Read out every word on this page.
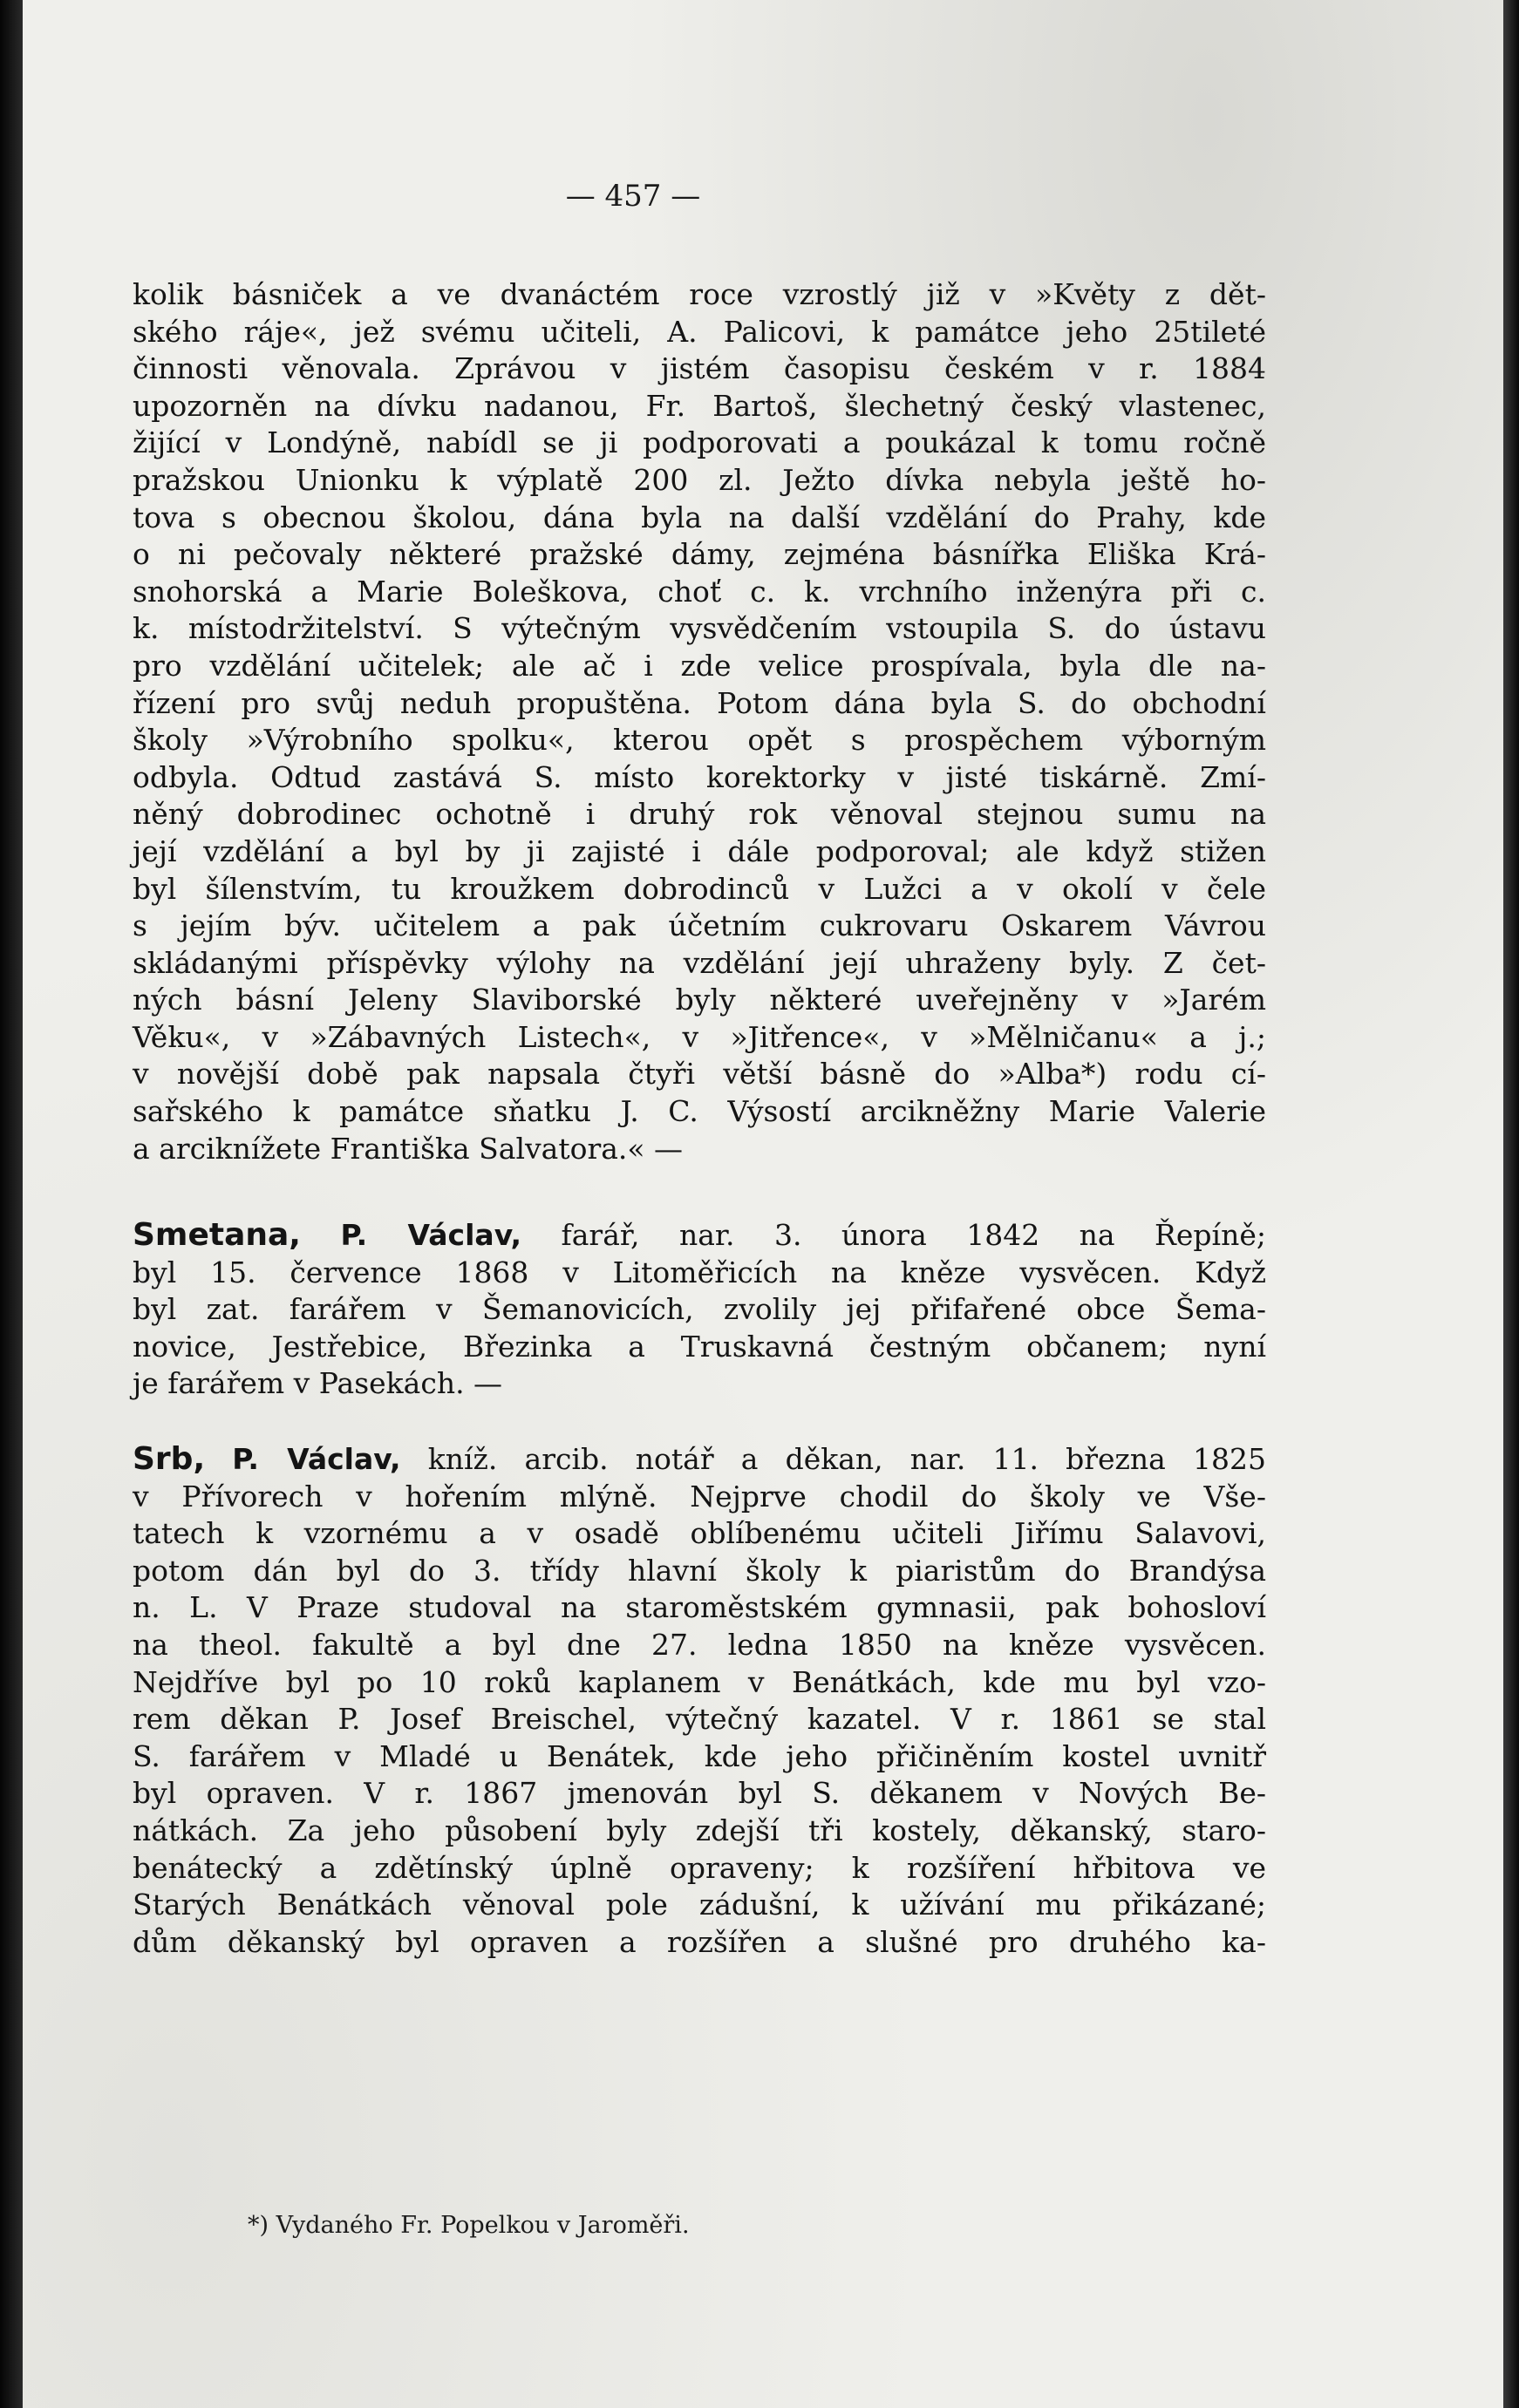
— 457 —
kolik básniček a ve dvanáctém roce vzrostlý již v »Květy z dět-
ského ráje«, jež svému učiteli, A. Palicovi, k památce jeho 25tileté
činnosti věnovala. Zprávou v jistém časopisu českém v r. 1884
upozorněn na dívku nadanou, Fr. Bartoš, šlechetný český vlastenec,
žijící v Londýně, nabídl se ji podporovati a poukázal k tomu ročně
pražskou Unionku k výplatě 200 zl. Ježto dívka nebyla ještě ho-
tova s obecnou školou, dána byla na další vzdělání do Prahy, kde
o ni pečovaly některé pražské dámy, zejména básnířka Eliška Krá-
snohorská a Marie Boleškova, choť c. k. vrchního inženýra při c.
k. místodržitelství. S výtečným vysvědčením vstoupila S. do ústavu
pro vzdělání učitelek; ale ač i zde velice prospívala, byla dle na-
řízení pro svůj neduh propuštěna. Potom dána byla S. do obchodní
školy »Výrobního spolku«, kterou opět s prospěchem výborným
odbyla. Odtud zastává S. místo korektorky v jisté tiskárně. Zmí-
něný dobrodinec ochotně i druhý rok věnoval stejnou sumu na
její vzdělání a byl by ji zajisté i dále podporoval; ale když stižen
byl šílenstvím, tu kroužkem dobrodinců v Lužci a v okolí v čele
s jejím býv. učitelem a pak účetním cukrovaru Oskarem Vávrou
skládanými příspěvky výlohy na vzdělání její uhraženy byly. Z čet-
ných básní Jeleny Slaviborské byly některé uveřejněny v »Jarém
Věku«, v »Zábavných Listech«, v »Jitřence«, v »Mělničanu« a j.;
v novější době pak napsala čtyři větší básně do »Alba*) rodu cí-
sařského k památce sňatku J. C. Výsostí arcikněžny Marie Valerie
a arciknížete Františka Salvatora.« —
Smetana, P. Václav, farář, nar. 3. února 1842 na Řepíně;
byl 15. července 1868 v Litoměřicích na kněze vysvěcen. Když
byl zat. farářem v Šemanovicích, zvolily jej přifařené obce Šema-
novice, Jestřebice, Březinka a Truskavná čestným občanem; nyní
je farářem v Pasekách. —
Srb, P. Václav, kníž. arcib. notář a děkan, nar. 11. března 1825
v Přívorech v hořením mlýně. Nejprve chodil do školy ve Vše-
tatech k vzornému a v osadě oblíbenému učiteli Jiřímu Salavovi,
potom dán byl do 3. třídy hlavní školy k piaristům do Brandýsa
n. L. V Praze studoval na staroměstském gymnasii, pak bohosloví
na theol. fakultě a byl dne 27. ledna 1850 na kněze vysvěcen.
Nejdříve byl po 10 roků kaplanem v Benátkách, kde mu byl vzo-
rem děkan P. Josef Breischel, výtečný kazatel. V r. 1861 se stal
S. farářem v Mladé u Benátek, kde jeho přičiněním kostel uvnitř
byl opraven. V r. 1867 jmenován byl S. děkanem v Nových Be-
nátkách. Za jeho působení byly zdejší tři kostely, děkanský, staro-
benátecký a zdětínský úplně opraveny; k rozšíření hřbitova ve
Starých Benátkách věnoval pole zádušní, k užívání mu přikázané;
dům děkanský byl opraven a rozšířen a slušné pro druhého ka-
*) Vydaného Fr. Popelkou v Jaroměři.
